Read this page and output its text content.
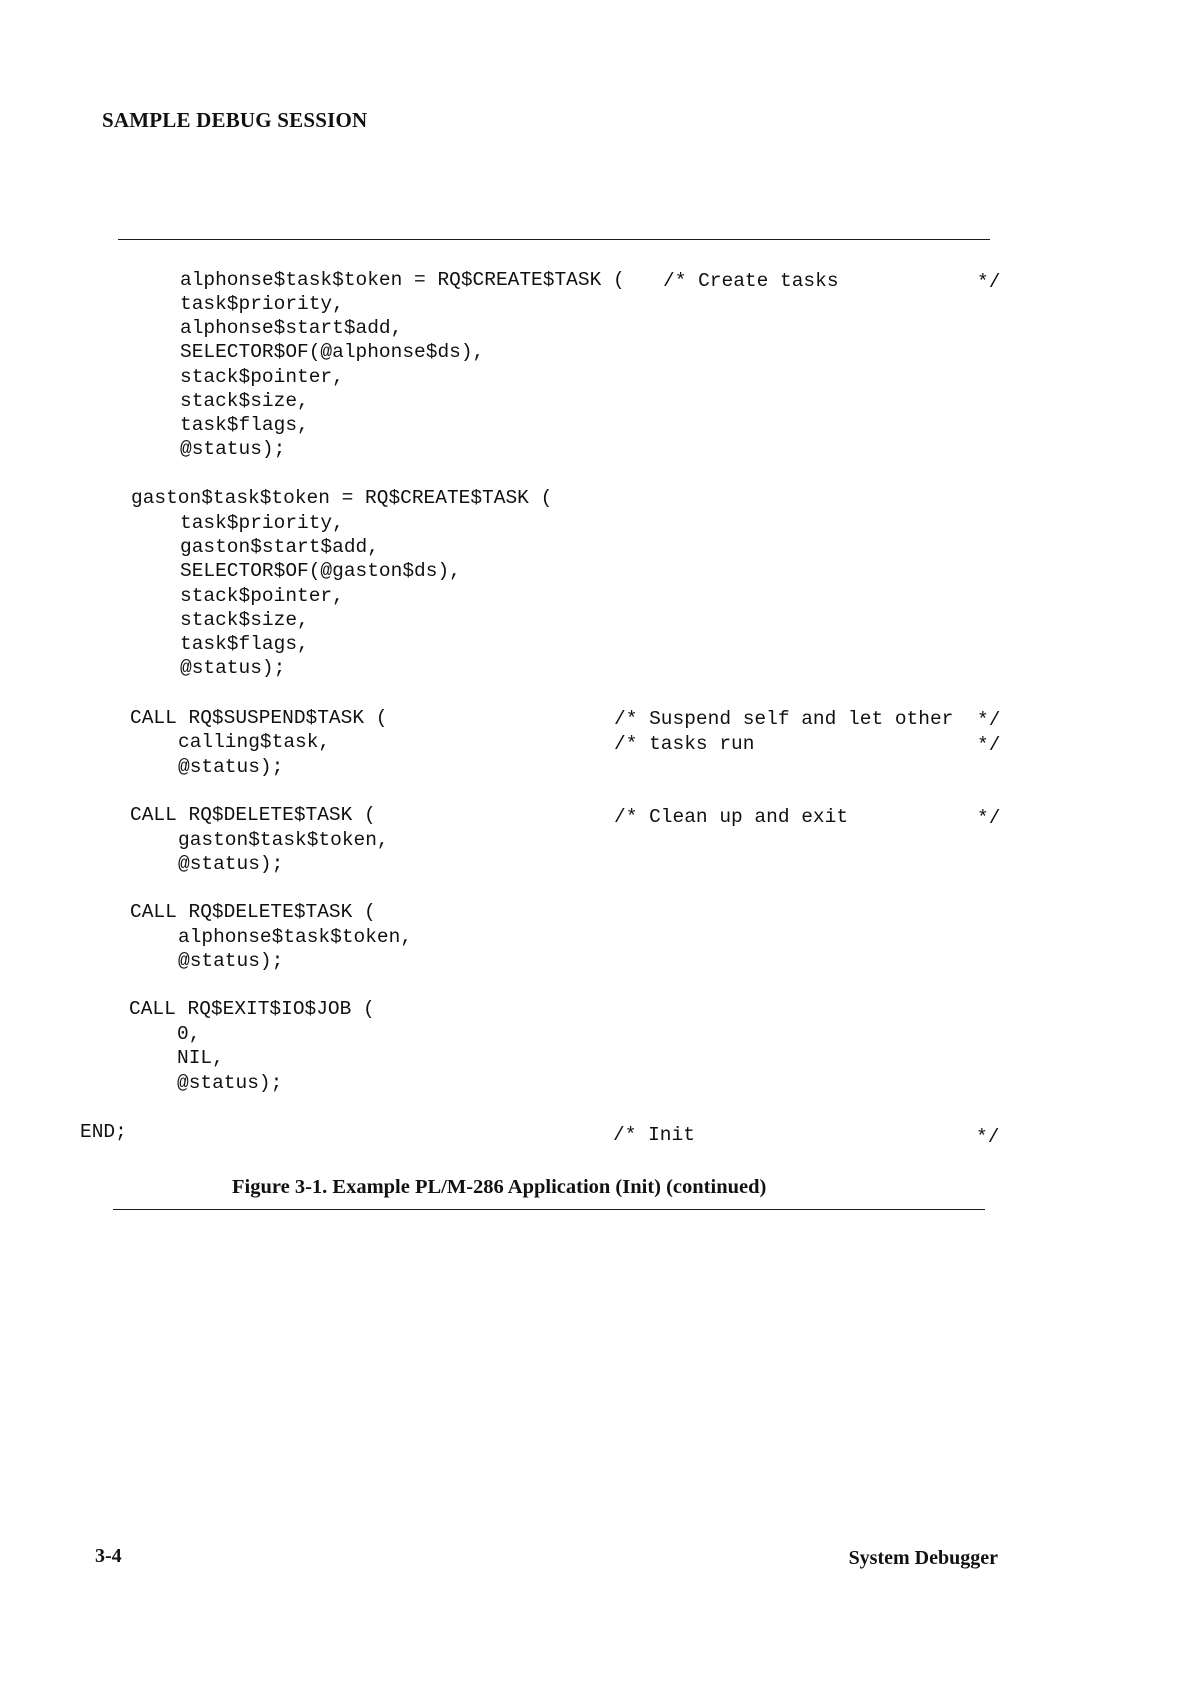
SAMPLE DEBUG SESSION
alphonse$task$token = RQ$CREATE$TASK ( /* Create tasks	*/
task$priority,
alphonse$start$add,
SELECTOR$OF(@alphonse$ds),
stack$pointer,
stack$size,
task$flags,
@status);
gaston$task$token = RQ$CREATE$TASK (
task$priority,
gaston$start$add,
SELECTOR$OF(@gaston$ds),
stack$pointer,
stack$size,
task$flags,
@status);
CALL RQ$SUSPEND$TASK (	/* Suspend self and let other */
calling$task,	/* tasks run	*/
@status);
CALL RQ$DELETE$TASK (	/* Clean up and exit	*/
gaston$task$token,
@status);
CALL RQ$DELETE$TASK (
alphonse$task$token,
@status);
CALL RQ$EXIT$IO$JOB (
0,
NIL,
@status);
END;	/* Init	*/
Figure 3-1. Example PL/M-286 Application (Init) (continued)
3-4	System Debugger
